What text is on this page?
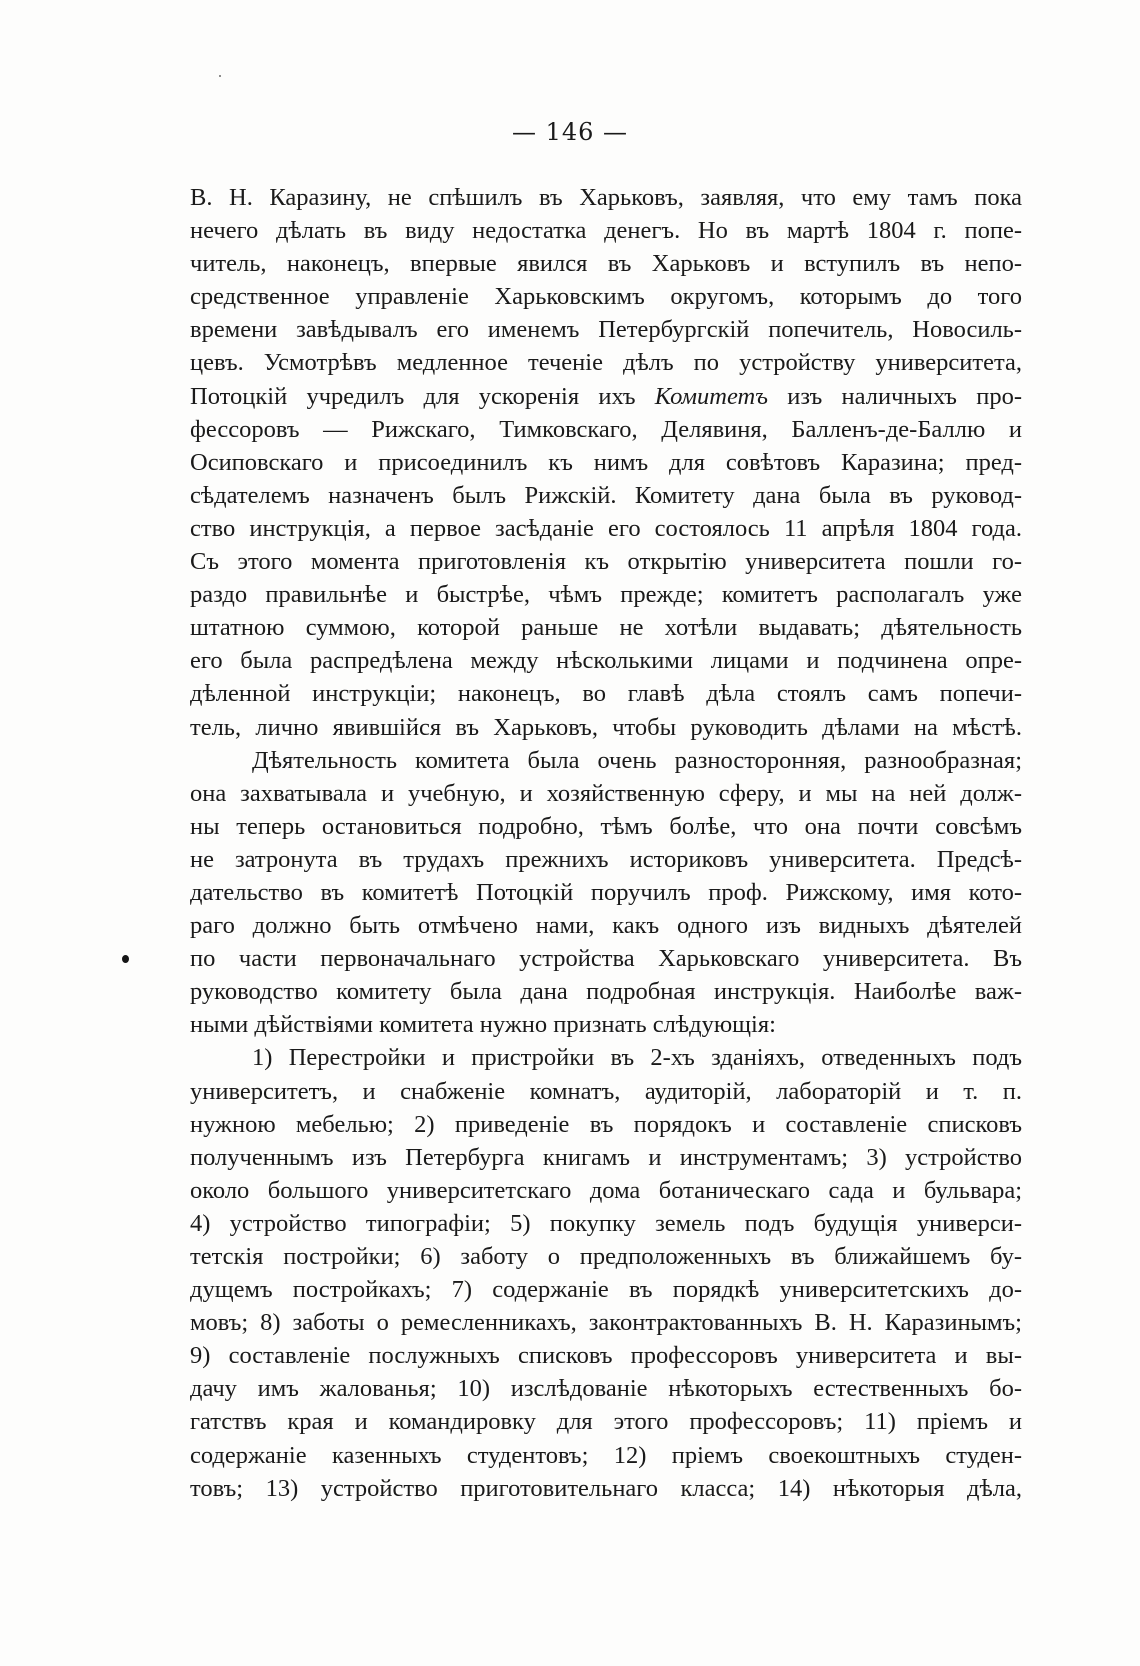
— 146 —
В. Н. Каразину, не спѣшилъ въ Харьковъ, заявляя, что ему тамъ пока
нечего дѣлать въ виду недостатка денегъ. Но въ мартѣ 1804 г. попе-
читель, наконецъ, впервые явился въ Харьковъ и вступилъ въ непо-
средственное управленіе Харьковскимъ округомъ, которымъ до того
времени завѣдывалъ его именемъ Петербургскій попечитель, Новосиль-
цевъ. Усмотрѣвъ медленное теченіе дѣлъ по устройству университета,
Потоцкій учредилъ для ускоренія ихъ Комитетъ изъ наличныхъ про-
фессоровъ — Рижскаго, Тимковскаго, Делявиня, Балленъ-де-Баллю и
Осиповскаго и присоединилъ къ нимъ для совѣтовъ Каразина; пред-
сѣдателемъ назначенъ былъ Рижскій. Комитету дана была въ руковод-
ство инструкція, а первое засѣданіе его состоялось 11 апрѣля 1804 года.
Съ этого момента приготовленія къ открытію университета пошли го-
раздо правильнѣе и быстрѣе, чѣмъ прежде; комитетъ располагалъ уже
штатною суммою, которой раньше не хотѣли выдавать; дѣятельность
его была распредѣлена между нѣсколькими лицами и подчинена опре-
дѣленной инструкціи; наконецъ, во главѣ дѣла стоялъ самъ попечи-
тель, лично явившійся въ Харьковъ, чтобы руководить дѣлами на мѣстѣ.
Дѣятельность комитета была очень разносторонняя, разнообразная;
она захватывала и учебную, и хозяйственную сферу, и мы на ней долж-
ны теперь остановиться подробно, тѣмъ болѣе, что она почти совсѣмъ
не затронута въ трудахъ прежнихъ историковъ университета. Предсѣ-
дательство въ комитетѣ Потоцкій поручилъ проф. Рижскому, имя кото-
раго должно быть отмѣчено нами, какъ одного изъ видныхъ дѣятелей
по части первоначальнаго устройства Харьковскаго университета. Въ
руководство комитету была дана подробная инструкція. Наиболѣе важ-
ными дѣйствіями комитета нужно признать слѣдующія:
1) Перестройки и пристройки въ 2-хъ зданіяхъ, отведенныхъ подъ
университетъ, и снабженіе комнатъ, аудиторій, лабораторій и т. п.
нужною мебелью; 2) приведеніе въ порядокъ и составленіе списковъ
полученнымъ изъ Петербурга книгамъ и инструментамъ; 3) устройство
около большого университетскаго дома ботаническаго сада и бульвара;
4) устройство типографіи; 5) покупку земель подъ будущія универси-
тетскія постройки; 6) заботу о предположенныхъ въ ближайшемъ бу-
дущемъ постройкахъ; 7) содержаніе въ порядкѣ университетскихъ до-
мовъ; 8) заботы о ремесленникахъ, законтрактованныхъ В. Н. Каразинымъ;
9) составленіе послужныхъ списковъ профессоровъ университета и вы-
дачу имъ жалованья; 10) изслѣдованіе нѣкоторыхъ естественныхъ бо-
гатствъ края и командировку для этого профессоровъ; 11) пріемъ и
содержаніе казенныхъ студентовъ; 12) пріемъ своекоштныхъ студен-
товъ; 13) устройство приготовительнаго класса; 14) нѣкоторыя дѣла,
